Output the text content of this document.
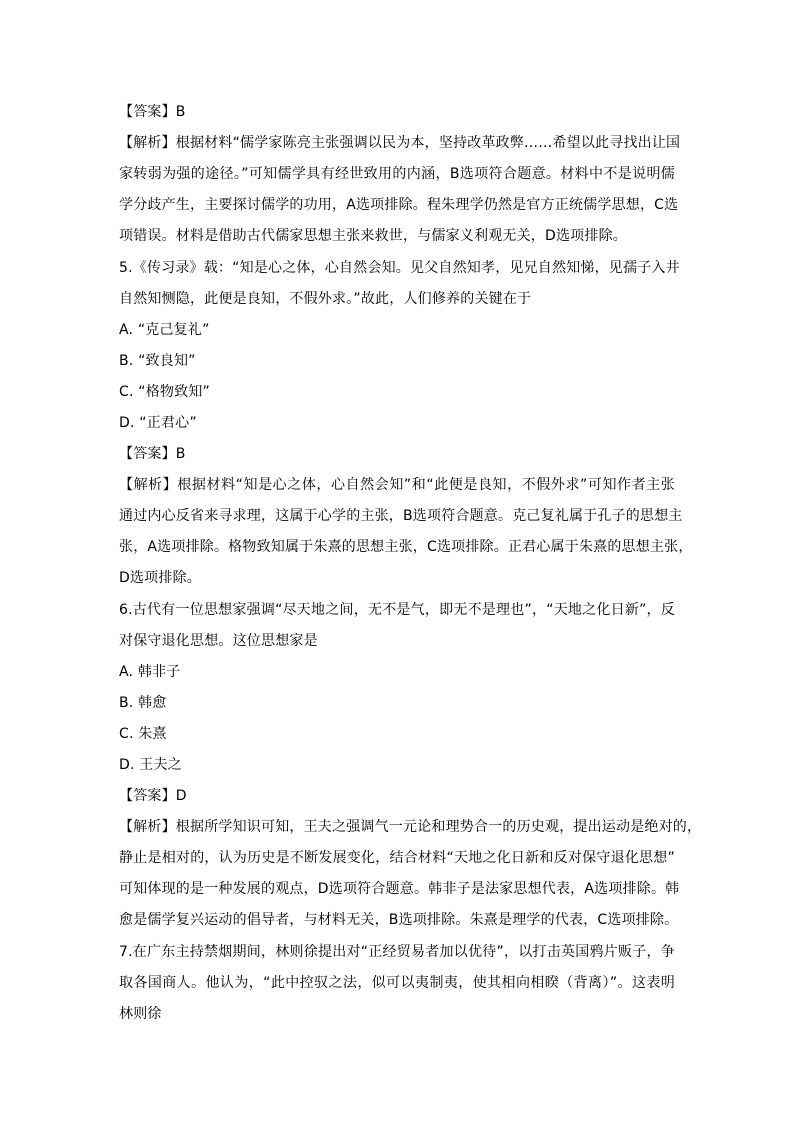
【答案】B
【解析】根据材料“儒学家陈亮主张强调以民为本，坚持改革政弊……希望以此寻找出让国
家转弱为强的途径。”可知儒学具有经世致用的内涵，B选项符合题意。材料中不是说明儒
学分歧产生，主要探讨儒学的功用，A选项排除。程朱理学仍然是官方正统儒学思想，C选
项错误。材料是借助古代儒家思想主张来救世，与儒家义利观无关，D选项排除。
5.《传习录》载：“知是心之体，心自然会知。见父自然知孝，见兄自然知悌，见孺子入井
自然知恻隐，此便是良知，不假外求。”故此，人们修养的关键在于
A. “克己复礼”
B. “致良知”
C. “格物致知”
D. “正君心”
【答案】B
【解析】根据材料“知是心之体，心自然会知”和“此便是良知，不假外求”可知作者主张
通过内心反省来寻求理，这属于心学的主张，B选项符合题意。克己复礼属于孔子的思想主
张，A选项排除。格物致知属于朱熹的思想主张，C选项排除。正君心属于朱熹的思想主张，
D选项排除。
6.古代有一位思想家强调“尽天地之间，无不是气，即无不是理也”，“天地之化日新”，反
对保守退化思想。这位思想家是
A. 韩非子
B. 韩愈
C. 朱熹
D. 王夫之
【答案】D
【解析】根据所学知识可知，王夫之强调气一元论和理势合一的历史观，提出运动是绝对的，
静止是相对的，认为历史是不断发展变化，结合材料“天地之化日新和反对保守退化思想”
可知体现的是一种发展的观点，D选项符合题意。韩非子是法家思想代表，A选项排除。韩
愈是儒学复兴运动的倡导者，与材料无关，B选项排除。朱熹是理学的代表，C选项排除。
7.在广东主持禁烟期间，林则徐提出对“正经贸易者加以优待”，以打击英国鸦片贩子，争
取各国商人。他认为，“此中控驭之法，似可以夷制夷，使其相向相睽（背离）”。这表明
林则徐
